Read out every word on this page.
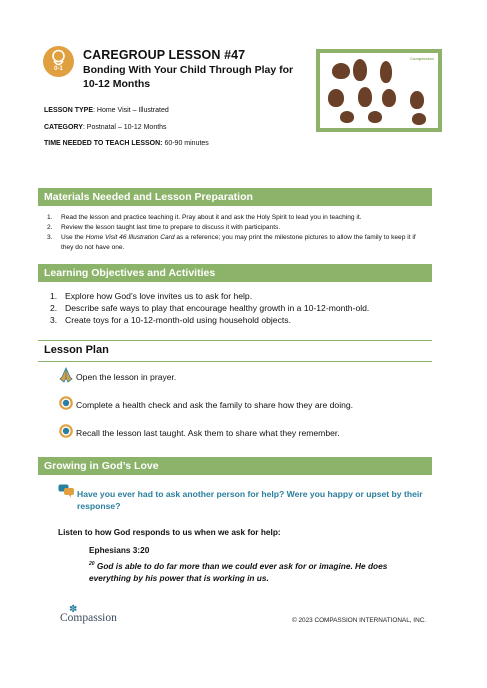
0-1
CAREGROUP LESSON #47
Bonding With Your Child Through Play for 10-12 Months
Compassion
LESSON TYPE: Home Visit – Illustrated
CATEGORY: Postnatal – 10-12 Months
TIME NEEDED TO TEACH LESSON: 60-90 minutes
Materials Needed and Lesson Preparation
1. Read the lesson and practice teaching it. Pray about it and ask the Holy Spirit to lead you in teaching it.
2. Review the lesson taught last time to prepare to discuss it with participants.
3. Use the Home Visit 46 Illustration Card as a reference; you may print the milestone pictures to allow the family to keep it if they do not have one.
Learning Objectives and Activities
1. Explore how God’s love invites us to ask for help.
2. Describe safe ways to play that encourage healthy growth in a 10-12-month-old.
3. Create toys for a 10-12-month-old using household objects.
Lesson Plan
Open the lesson in prayer.
Complete a health check and ask the family to share how they are doing.
Recall the lesson last taught. Ask them to share what they remember.
Growing in God’s Love
Have you ever had to ask another person for help? Were you happy or upset by their response?
Listen to how God responds to us when we ask for help:
Ephesians 3:20
$^{20}$ God is able to do far more than we could ever ask for or imagine. He does everything by his power that is working in us.
✽
Compassion	© 2023 COMPASSION INTERNATIONAL, INC.
